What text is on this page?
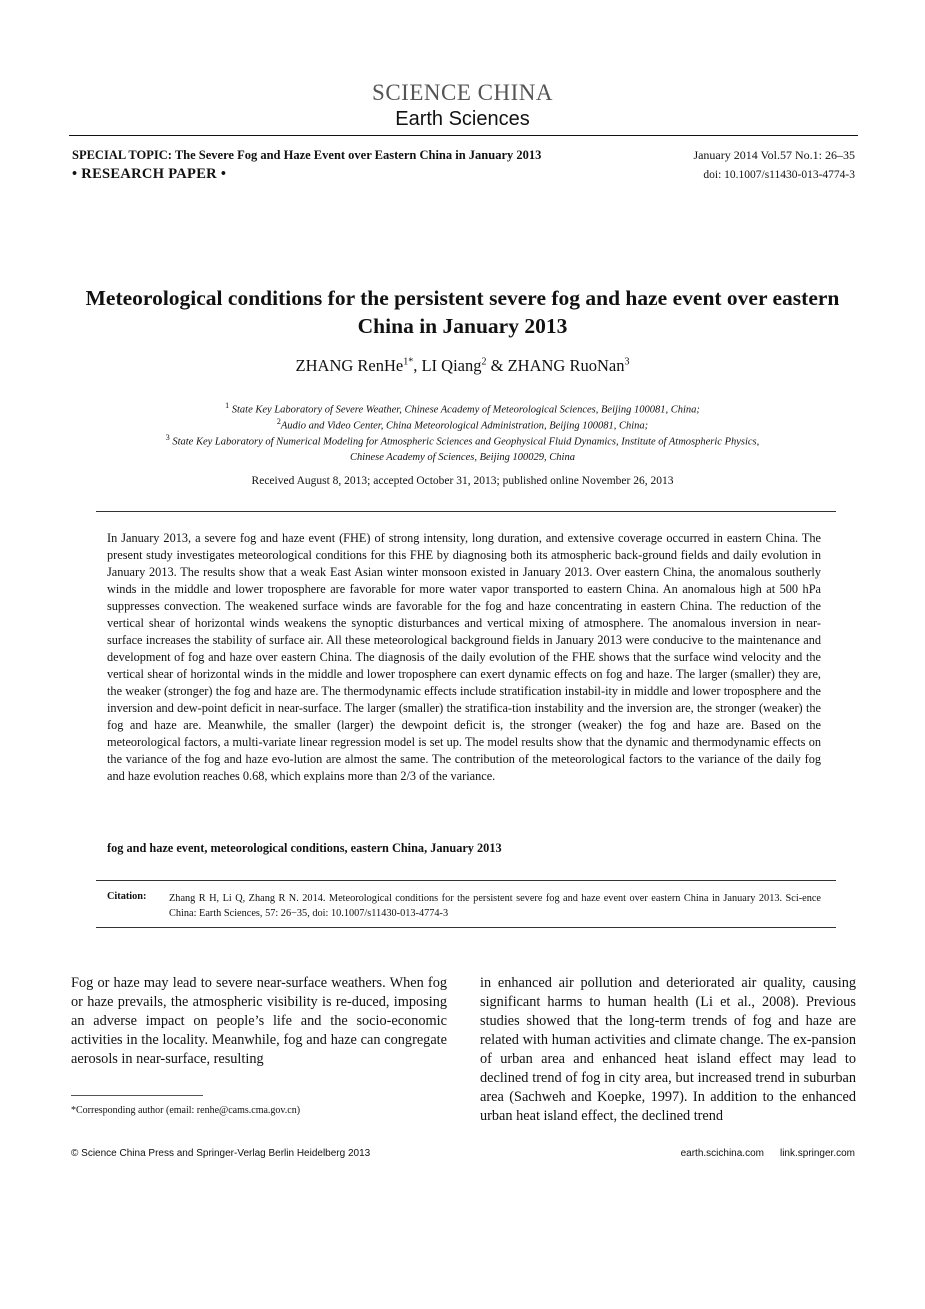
SCIENCE CHINA
Earth Sciences
SPECIAL TOPIC: The Severe Fog and Haze Event over Eastern China in January 2013
• RESEARCH PAPER •
January 2014 Vol.57 No.1: 26–35
doi: 10.1007/s11430-013-4774-3
Meteorological conditions for the persistent severe fog and haze event over eastern China in January 2013
ZHANG RenHe$^{1*}$, LI Qiang$^2$ & ZHANG RuoNan$^3$
$^1$ State Key Laboratory of Severe Weather, Chinese Academy of Meteorological Sciences, Beijing 100081, China;
$^2$Audio and Video Center, China Meteorological Administration, Beijing 100081, China;
$^3$ State Key Laboratory of Numerical Modeling for Atmospheric Sciences and Geophysical Fluid Dynamics, Institute of Atmospheric Physics,
Chinese Academy of Sciences, Beijing 100029, China
Received August 8, 2013; accepted October 31, 2013; published online November 26, 2013
In January 2013, a severe fog and haze event (FHE) of strong intensity, long duration, and extensive coverage occurred in eastern China. The present study investigates meteorological conditions for this FHE by diagnosing both its atmospheric back-ground fields and daily evolution in January 2013. The results show that a weak East Asian winter monsoon existed in January 2013. Over eastern China, the anomalous southerly winds in the middle and lower troposphere are favorable for more water vapor transported to eastern China. An anomalous high at 500 hPa suppresses convection. The weakened surface winds are favorable for the fog and haze concentrating in eastern China. The reduction of the vertical shear of horizontal winds weakens the synoptic disturbances and vertical mixing of atmosphere. The anomalous inversion in near-surface increases the stability of surface air. All these meteorological background fields in January 2013 were conducive to the maintenance and development of fog and haze over eastern China. The diagnosis of the daily evolution of the FHE shows that the surface wind velocity and the vertical shear of horizontal winds in the middle and lower troposphere can exert dynamic effects on fog and haze. The larger (smaller) they are, the weaker (stronger) the fog and haze are. The thermodynamic effects include stratification instabil-ity in middle and lower troposphere and the inversion and dew-point deficit in near-surface. The larger (smaller) the stratifica-tion instability and the inversion are, the stronger (weaker) the fog and haze are. Meanwhile, the smaller (larger) the dewpoint deficit is, the stronger (weaker) the fog and haze are. Based on the meteorological factors, a multi-variate linear regression model is set up. The model results show that the dynamic and thermodynamic effects on the variance of the fog and haze evo-lution are almost the same. The contribution of the meteorological factors to the variance of the daily fog and haze evolution reaches 0.68, which explains more than 2/3 of the variance.
fog and haze event, meteorological conditions, eastern China, January 2013
Citation: Zhang R H, Li Q, Zhang R N. 2014. Meteorological conditions for the persistent severe fog and haze event over eastern China in January 2013. Sci-ence China: Earth Sciences, 57: 26−35, doi: 10.1007/s11430-013-4774-3
Fog or haze may lead to severe near-surface weathers. When fog or haze prevails, the atmospheric visibility is re-duced, imposing an adverse impact on people’s life and the socio-economic activities in the locality. Meanwhile, fog and haze can congregate aerosols in near-surface, resulting
in enhanced air pollution and deteriorated air quality, causing significant harms to human health (Li et al., 2008). Previous studies showed that the long-term trends of fog and haze are related with human activities and climate change. The ex-pansion of urban area and enhanced heat island effect may lead to declined trend of fog in city area, but increased trend in suburban area (Sachweh and Koepke, 1997). In addition to the enhanced urban heat island effect, the declined trend
*Corresponding author (email: renhe@cams.cma.gov.cn)
© Science China Press and Springer-Verlag Berlin Heidelberg 2013	earth.scichina.com link.springer.com
